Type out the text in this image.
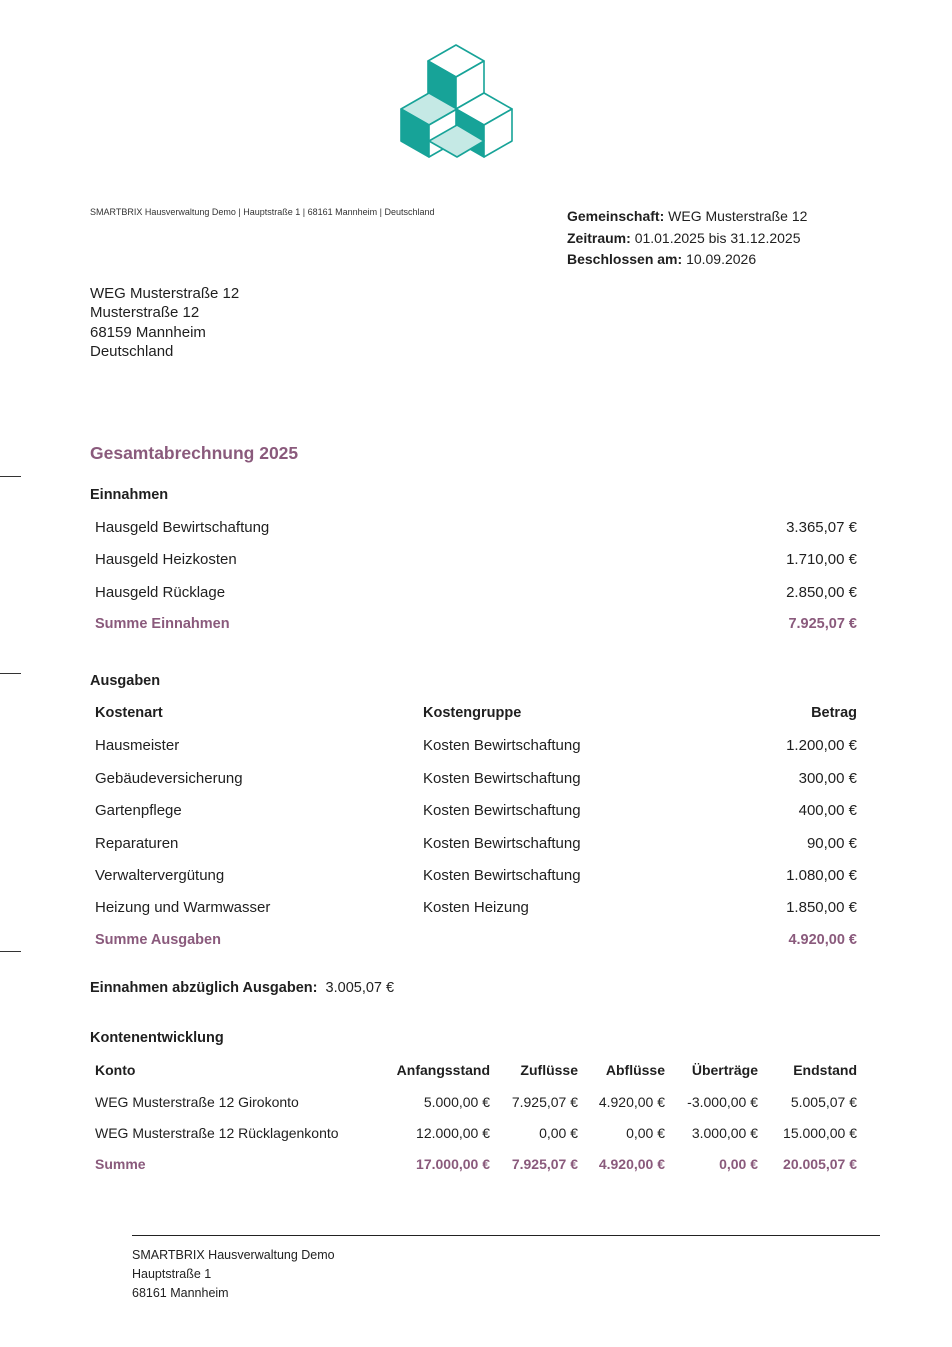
SMARTBRIX Hausverwaltung Demo | Hauptstraße 1 | 68161 Mannheim | Deutschland	Gemeinschaft: WEG Musterstraße 12
Zeitraum: 01.01.2025 bis 31.12.2025
Beschlossen am: 10.09.2026
WEG Musterstraße 12
Musterstraße 12
68159 Mannheim
Deutschland
Gesamtabrechnung 2025
Einnahmen
Hausgeld Bewirtschaftung	3.365,07 €
Hausgeld Heizkosten	1.710,00 €
Hausgeld Rücklage	2.850,00 €
Summe Einnahmen	7.925,07 €
Ausgaben
Kostenart	Kostengruppe	Betrag
Hausmeister	Kosten Bewirtschaftung	1.200,00 €
Gebäudeversicherung	Kosten Bewirtschaftung	300,00 €
Gartenpflege	Kosten Bewirtschaftung	400,00 €
Reparaturen	Kosten Bewirtschaftung	90,00 €
Verwaltervergütung	Kosten Bewirtschaftung	1.080,00 €
Heizung und Warmwasser	Kosten Heizung	1.850,00 €
Summe Ausgaben	4.920,00 €
Einnahmen abzüglich Ausgaben: 3.005,07 €
Kontenentwicklung
Konto	Anfangsstand Zuflüsse Abflüsse Überträge	Endstand
WEG Musterstraße 12 Girokonto	5.000,00 € 7.925,07 € 4.920,00 € -3.000,00 € 5.005,07 €
WEG Musterstraße 12 Rücklagenkonto	12.000,00 €	0,00 €	0,00 € 3.000,00 € 15.000,00 €
Summe	17.000,00 € 7.925,07 € 4.920,00 €	0,00 € 20.005,07 €
SMARTBRIX Hausverwaltung Demo
Hauptstraße 1
68161 Mannheim
